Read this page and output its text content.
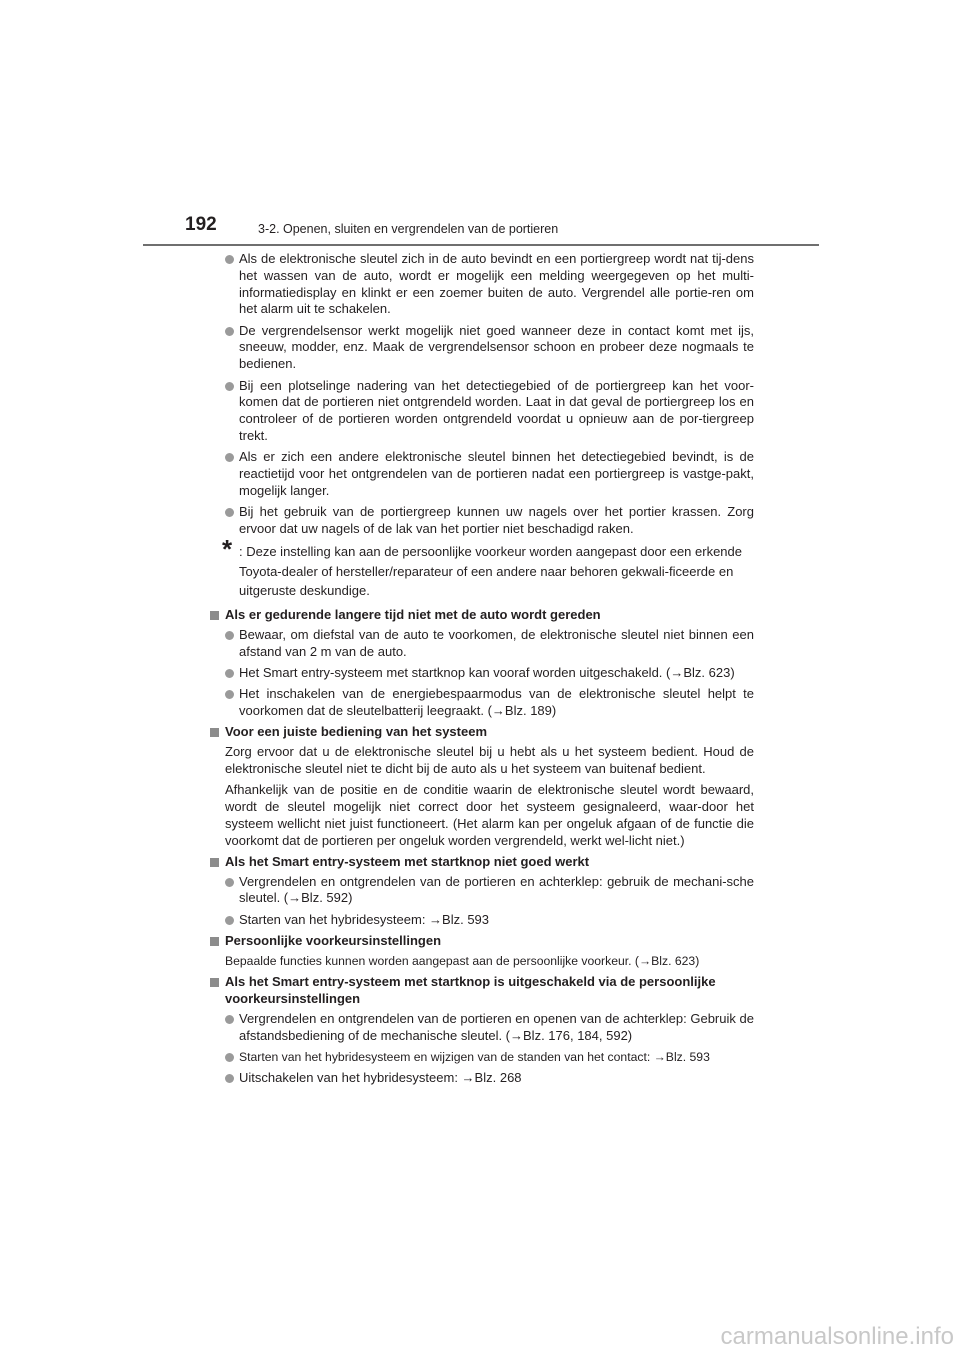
192	3-2. Openen, sluiten en vergrendelen van de portieren
Als de elektronische sleutel zich in de auto bevindt en een portiergreep wordt nat tij-dens het wassen van de auto, wordt er mogelijk een melding weergegeven op het multi-informatiedisplay en klinkt er een zoemer buiten de auto. Vergrendel alle portie-ren om het alarm uit te schakelen.
De vergrendelsensor werkt mogelijk niet goed wanneer deze in contact komt met ijs, sneeuw, modder, enz. Maak de vergrendelsensor schoon en probeer deze nogmaals te bedienen.
Bij een plotselinge nadering van het detectiegebied of de portiergreep kan het voor-komen dat de portieren niet ontgrendeld worden. Laat in dat geval de portiergreep los en controleer of de portieren worden ontgrendeld voordat u opnieuw aan de por-tiergreep trekt.
Als er zich een andere elektronische sleutel binnen het detectiegebied bevindt, is de reactietijd voor het ontgrendelen van de portieren nadat een portiergreep is vastge-pakt, mogelijk langer.
Bij het gebruik van de portiergreep kunnen uw nagels over het portier krassen. Zorg ervoor dat uw nagels of de lak van het portier niet beschadigd raken.
* : Deze instelling kan aan de persoonlijke voorkeur worden aangepast door een erkende Toyota-dealer of hersteller/reparateur of een andere naar behoren gekwali-ficeerde en uitgeruste deskundige.
Als er gedurende langere tijd niet met de auto wordt gereden
Bewaar, om diefstal van de auto te voorkomen, de elektronische sleutel niet binnen een afstand van 2 m van de auto.
Het Smart entry-systeem met startknop kan vooraf worden uitgeschakeld. (→Blz. 623)
Het inschakelen van de energiebespaarmodus van de elektronische sleutel helpt te voorkomen dat de sleutelbatterij leegraakt. (→Blz. 189)
Voor een juiste bediening van het systeem
Zorg ervoor dat u de elektronische sleutel bij u hebt als u het systeem bedient. Houd de elektronische sleutel niet te dicht bij de auto als u het systeem van buitenaf bedient.
Afhankelijk van de positie en de conditie waarin de elektronische sleutel wordt bewaard, wordt de sleutel mogelijk niet correct door het systeem gesignaleerd, waar-door het systeem wellicht niet juist functioneert. (Het alarm kan per ongeluk afgaan of de functie die voorkomt dat de portieren per ongeluk worden vergrendeld, werkt wel-licht niet.)
Als het Smart entry-systeem met startknop niet goed werkt
Vergrendelen en ontgrendelen van de portieren en achterklep: gebruik de mechani-sche sleutel. (→Blz. 592)
Starten van het hybridesysteem: →Blz. 593
Persoonlijke voorkeursinstellingen
Bepaalde functies kunnen worden aangepast aan de persoonlijke voorkeur. (→Blz. 623)
Als het Smart entry-systeem met startknop is uitgeschakeld via de persoonlijke voorkeursinstellingen
Vergrendelen en ontgrendelen van de portieren en openen van de achterklep: Gebruik de afstandsbediening of de mechanische sleutel. (→Blz. 176, 184, 592)
Starten van het hybridesysteem en wijzigen van de standen van het contact: →Blz. 593
Uitschakelen van het hybridesysteem: →Blz. 268
carmanualsonline.info
